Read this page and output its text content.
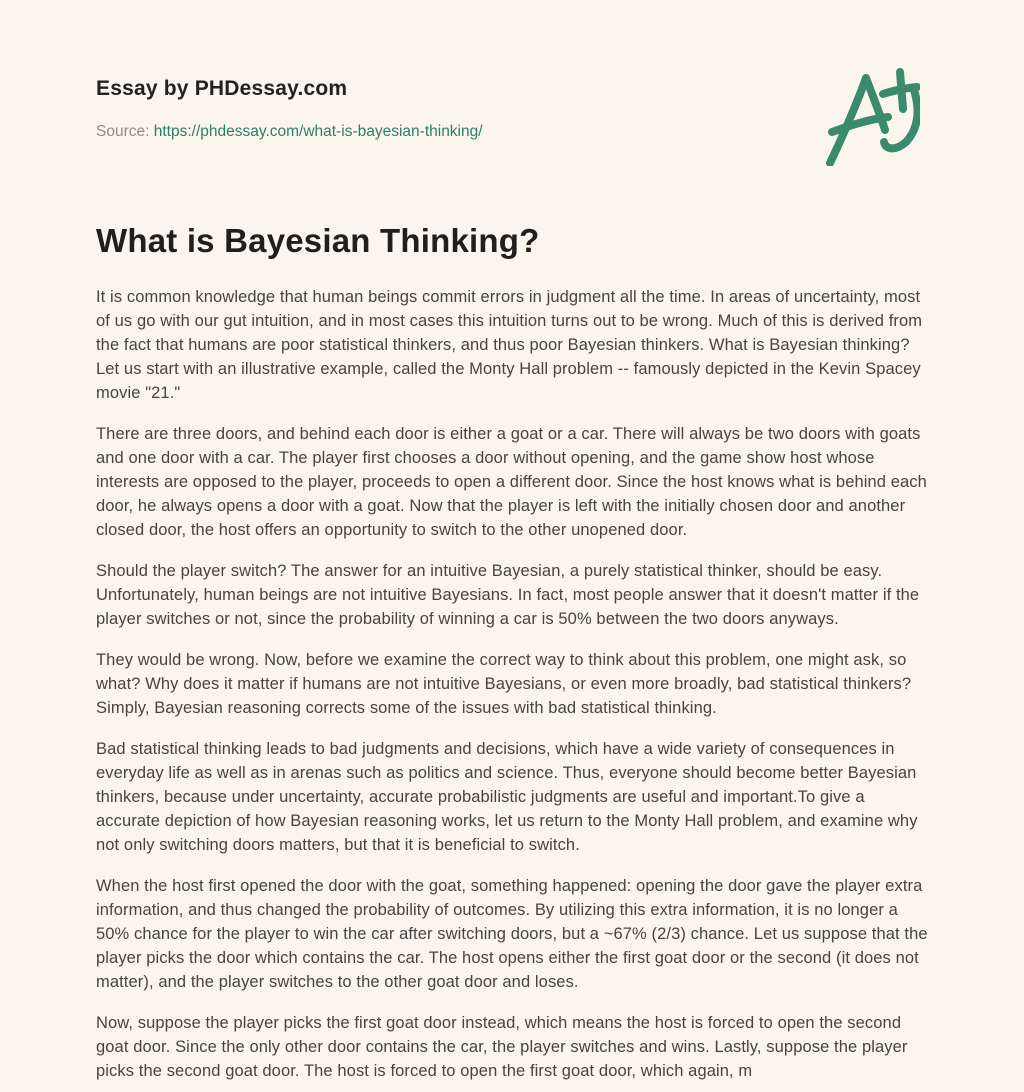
Essay by PHDessay.com
Source: https://phdessay.com/what-is-bayesian-thinking/
What is Bayesian Thinking?

It is common knowledge that human beings commit errors in judgment all the time. In areas of uncertainty, most of us go with our gut intuition, and in most cases this intuition turns out to be wrong. Much of this is derived from the fact that humans are poor statistical thinkers, and thus poor Bayesian thinkers. What is Bayesian thinking? Let us start with an illustrative example, called the Monty Hall problem -- famously depicted in the Kevin Spacey movie "21."

There are three doors, and behind each door is either a goat or a car. There will always be two doors with goats and one door with a car. The player first chooses a door without opening, and the game show host whose interests are opposed to the player, proceeds to open a different door. Since the host knows what is behind each door, he always opens a door with a goat. Now that the player is left with the initially chosen door and another closed door, the host offers an opportunity to switch to the other unopened door.

Should the player switch? The answer for an intuitive Bayesian, a purely statistical thinker, should be easy. Unfortunately, human beings are not intuitive Bayesians. In fact, most people answer that it doesn't matter if the player switches or not, since the probability of winning a car is 50% between the two doors anyways.

They would be wrong. Now, before we examine the correct way to think about this problem, one might ask, so what? Why does it matter if humans are not intuitive Bayesians, or even more broadly, bad statistical thinkers? Simply, Bayesian reasoning corrects some of the issues with bad statistical thinking.

Bad statistical thinking leads to bad judgments and decisions, which have a wide variety of consequences in everyday life as well as in arenas such as politics and science. Thus, everyone should become better Bayesian thinkers, because under uncertainty, accurate probabilistic judgments are useful and important.To give a accurate depiction of how Bayesian reasoning works, let us return to the Monty Hall problem, and examine why not only switching doors matters, but that it is beneficial to switch.

When the host first opened the door with the goat, something happened: opening the door gave the player extra information, and thus changed the probability of outcomes. By utilizing this extra information, it is no longer a 50% chance for the player to win the car after switching doors, but a ~67% (2/3) chance. Let us suppose that the player picks the door which contains the car. The host opens either the first goat door or the second (it does not matter), and the player switches to the other goat door and loses.

Now, suppose the player picks the first goat door instead, which means the host is forced to open the second goat door. Since the only other door contains the car, the player switches and wins. Lastly, suppose the player picks the second goat door. The host is forced to open the first goat door, which again, m
